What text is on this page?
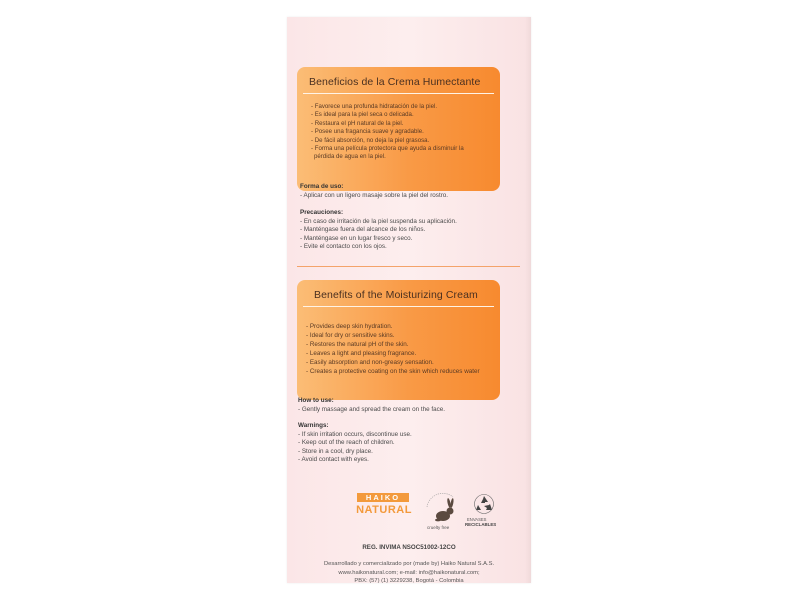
Beneficios de la Crema Humectante
- Favorece una profunda hidratación de la piel.
- Es ideal para la piel seca o delicada.
- Restaura el pH natural de la piel.
- Posee una fragancia suave y agradable.
- De fácil absorción, no deja la piel grasosa.
- Forma una película protectora que ayuda a disminuir la
pérdida de agua en la piel.
Forma de uso:
- Aplicar con un ligero masaje sobre la piel del rostro.
Precauciones:
- En caso de irritación de la piel suspenda su aplicación.
- Manténgase fuera del alcance de los niños.
- Manténgase en un lugar fresco y seco.
- Evite el contacto con los ojos.
Benefits of the Moisturizing Cream
- Provides deep skin hydration.
- Ideal for dry or sensitive skins.
- Restores the natural pH of the skin.
- Leaves a light and pleasing fragrance.
- Easily absorption and non-greasy sensation.
- Creates a protective coating on the skin which reduces water
How to use:
- Gently massage and spread the cream on the face.
Warnings:
- If skin irritation occurs, discontinue use.
- Keep out of the reach of children.
- Store in a cool, dry place.
- Avoid contact with eyes.
HAIKO
NATURAL
cruelty free
ENVASES
RECICLABLES
REG. INVIMA NSOC51002-12CO
Desarrollado y comercializado por (made by) Haiko Natural S.A.S.
www.haikonatural.com; e-mail: info@haikonatural.com;
PBX: (57) (1) 3229238, Bogotá - Colombia
